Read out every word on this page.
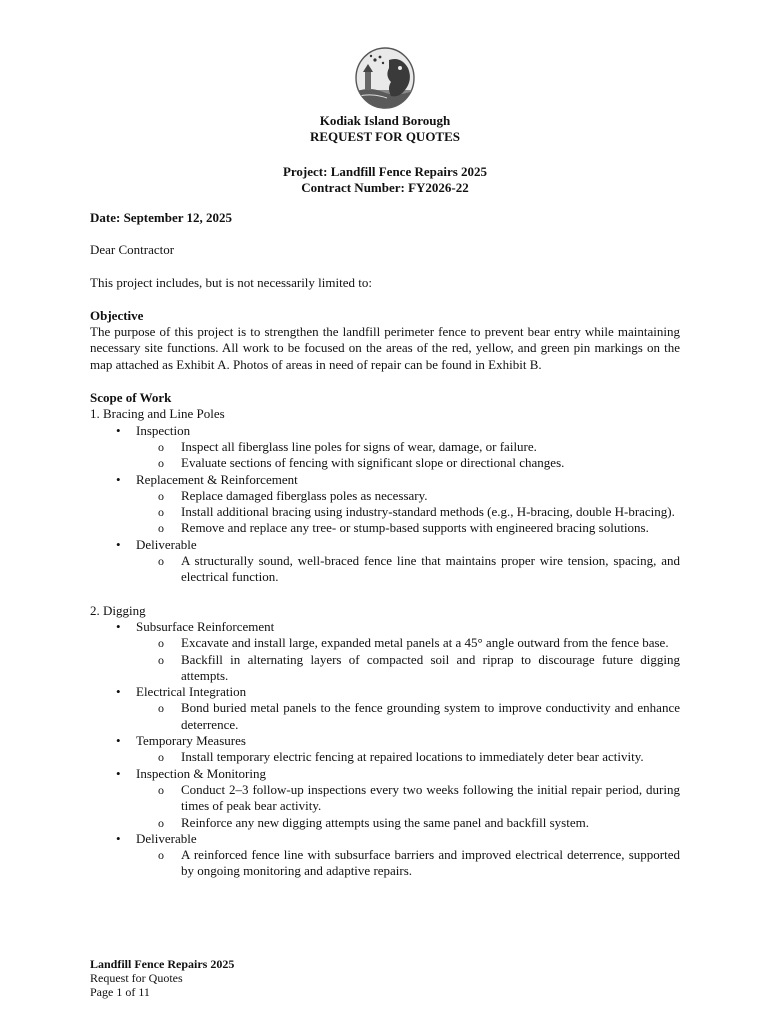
Kodiak Island Borough

REQUEST FOR QUOTES

Project: Landfill Fence Repairs 2025

Contract Number: FY2026-22

Date: September 12, 2025

Dear Contractor

This project includes, but is not necessarily limited to:

Objective

The purpose of this project is to strengthen the landfill perimeter fence to prevent bear entry while maintaining necessary site functions. All work to be focused on the areas of the red, yellow, and green pin markings on the map attached as Exhibit A. Photos of areas in need of repair can be found in Exhibit B.

Scope of Work

1. Bracing and Line Poles

• Inspection
o Inspect all fiberglass line poles for signs of wear, damage, or failure.
o Evaluate sections of fencing with significant slope or directional changes.
• Replacement & Reinforcement
o Replace damaged fiberglass poles as necessary.
o Install additional bracing using industry-standard methods (e.g., H-bracing, double H-bracing).
o Remove and replace any tree- or stump-based supports with engineered bracing solutions.
• Deliverable
o A structurally sound, well-braced fence line that maintains proper wire tension, spacing, and electrical function.

2. Digging

• Subsurface Reinforcement
o Excavate and install large, expanded metal panels at a 45° angle outward from the fence base.
o Backfill in alternating layers of compacted soil and riprap to discourage future digging attempts.
• Electrical Integration
o Bond buried metal panels to the fence grounding system to improve conductivity and enhance deterrence.
• Temporary Measures
o Install temporary electric fencing at repaired locations to immediately deter bear activity.
• Inspection & Monitoring
o Conduct 2–3 follow-up inspections every two weeks following the initial repair period, during times of peak bear activity.
o Reinforce any new digging attempts using the same panel and backfill system.
• Deliverable
o A reinforced fence line with subsurface barriers and improved electrical deterrence, supported by ongoing monitoring and adaptive repairs.

Landfill Fence Repairs 2025

Request for Quotes

Page 1 of 11
